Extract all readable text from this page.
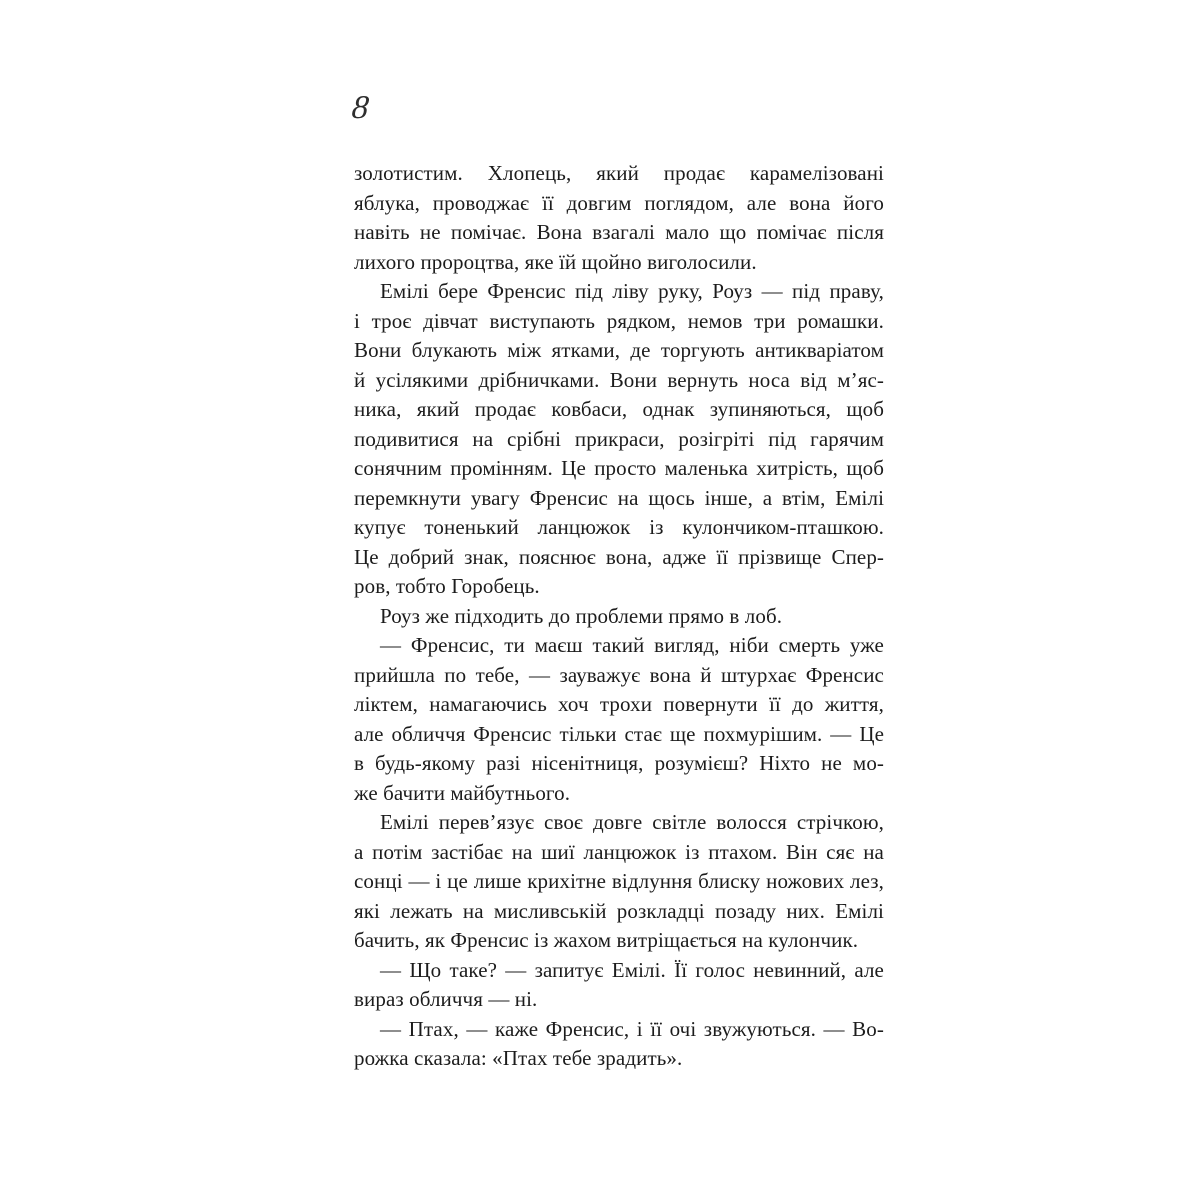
8
золотистим. Хлопець, який продає карамелізовані
яблука, проводжає її довгим поглядом, але вона його
навіть не помічає. Вона взагалі мало що помічає після
лихого пророцтва, яке їй щойно виголосили.
Емілі бере Френсис під ліву руку, Роуз — під праву,
і троє дівчат виступають рядком, немов три ромашки.
Вони блукають між ятками, де торгують антикваріатом
й усілякими дрібничками. Вони вернуть носа від м’яс-
ника, який продає ковбаси, однак зупиняються, щоб
подивитися на срібні прикраси, розігріті під гарячим
сонячним промінням. Це просто маленька хитрість, щоб
перемкнути увагу Френсис на щось інше, а втім, Емілі
купує тоненький ланцюжок із кулончиком-пташкою.
Це добрий знак, пояснює вона, адже її прізвище Спер-
ров, тобто Горобець.
Роуз же підходить до проблеми прямо в лоб.
— Френсис, ти маєш такий вигляд, ніби смерть уже
прийшла по тебе, — зауважує вона й штурхає Френсис
ліктем, намагаючись хоч трохи повернути її до життя,
але обличчя Френсис тільки стає ще похмурішим. — Це
в будь-якому разі нісенітниця, розумієш? Ніхто не мо-
же бачити майбутнього.
Емілі перев’язує своє довге світле волосся стрічкою,
а потім застібає на шиї ланцюжок із птахом. Він сяє на
сонці — і це лише крихітне відлуння блиску ножових лез,
які лежать на мисливській розкладці позаду них. Емілі
бачить, як Френсис із жахом витріщається на кулончик.
— Що таке? — запитує Емілі. Її голос невинний, але
вираз обличчя — ні.
— Птах, — каже Френсис, і її очі звужуються. — Во-
рожка сказала: «Птах тебе зрадить».
